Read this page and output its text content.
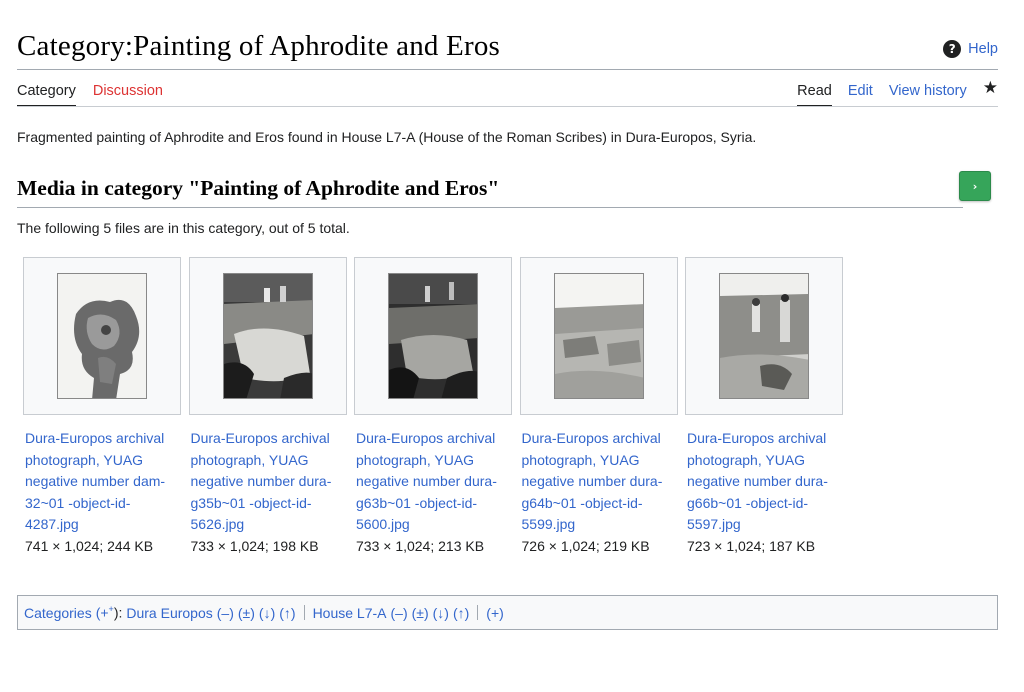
Category:Painting of Aphrodite and Eros	? Help
Category Discussion	Read Edit View history ★

Fragmented painting of Aphrodite and Eros found in House L7-A (House of the Roman Scribes) in Dura-Europos, Syria.

Media in category "Painting of Aphrodite and Eros"	›

The following 5 files are in this category, out of 5 total.

Dura-Europos archival
photograph, YUAG
negative number dam-
32~01 -object-id-
4287.jpg
741 × 1,024; 244 KB
Dura-Europos archival
photograph, YUAG
negative number dura-
g35b~01 -object-id-
5626.jpg
733 × 1,024; 198 KB
Dura-Europos archival
photograph, YUAG
negative number dura-
g63b~01 -object-id-
5600.jpg
733 × 1,024; 213 KB
Dura-Europos archival
photograph, YUAG
negative number dura-
g64b~01 -object-id-
5599.jpg
726 × 1,024; 219 KB
Dura-Europos archival
photograph, YUAG
negative number dura-
g66b~01 -object-id-
5597.jpg
723 × 1,024; 187 KB
Categories (++): Dura Europos (–) (±) (↓) (↑) House L7-A (–) (±) (↓) (↑) (+)
